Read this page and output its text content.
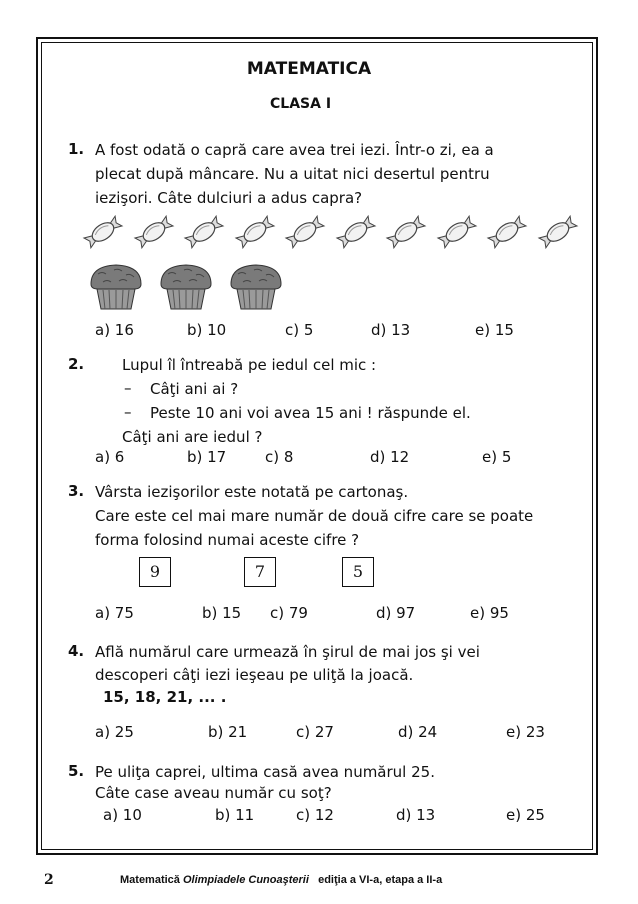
MATEMATICA
CLASA I
1. A fost odată o capră care avea trei iezi. Într-o zi, ea a
plecat după mâncare. Nu a uitat nici desertul pentru
iezişori. Câte dulciuri a adus capra?
a) 16	b) 10	c) 5	d) 13	e) 15
2.	Lupul îl întreabă pe iedul cel mic :
– Câţi ani ai ?
– Peste 10 ani voi avea 15 ani ! răspunde el.
Câţi ani are iedul ?
a) 6	b) 17	c) 8	d) 12	e) 5
3. Vârsta iezişorilor este notată pe cartonaş.
Care este cel mai mare număr de două cifre care se poate
forma folosind numai aceste cifre ?
9	7	5
a) 75	b) 15 c) 79	d) 97	e) 95
4. Află numărul care urmează în şirul de mai jos şi vei
descoperi câţi iezi ieşeau pe uliţă la joacă.
15, 18, 21, ... .
a) 25	b) 21	c) 27	d) 24	e) 23
5. Pe uliţa caprei, ultima casă avea numărul 25.
Câte case aveau număr cu soţ?
a) 10	b) 11	c) 12	d) 13	e) 25
2	Matematică Olimpiadele Cunoaşterii ediţia a VI-a, etapa a II-a
